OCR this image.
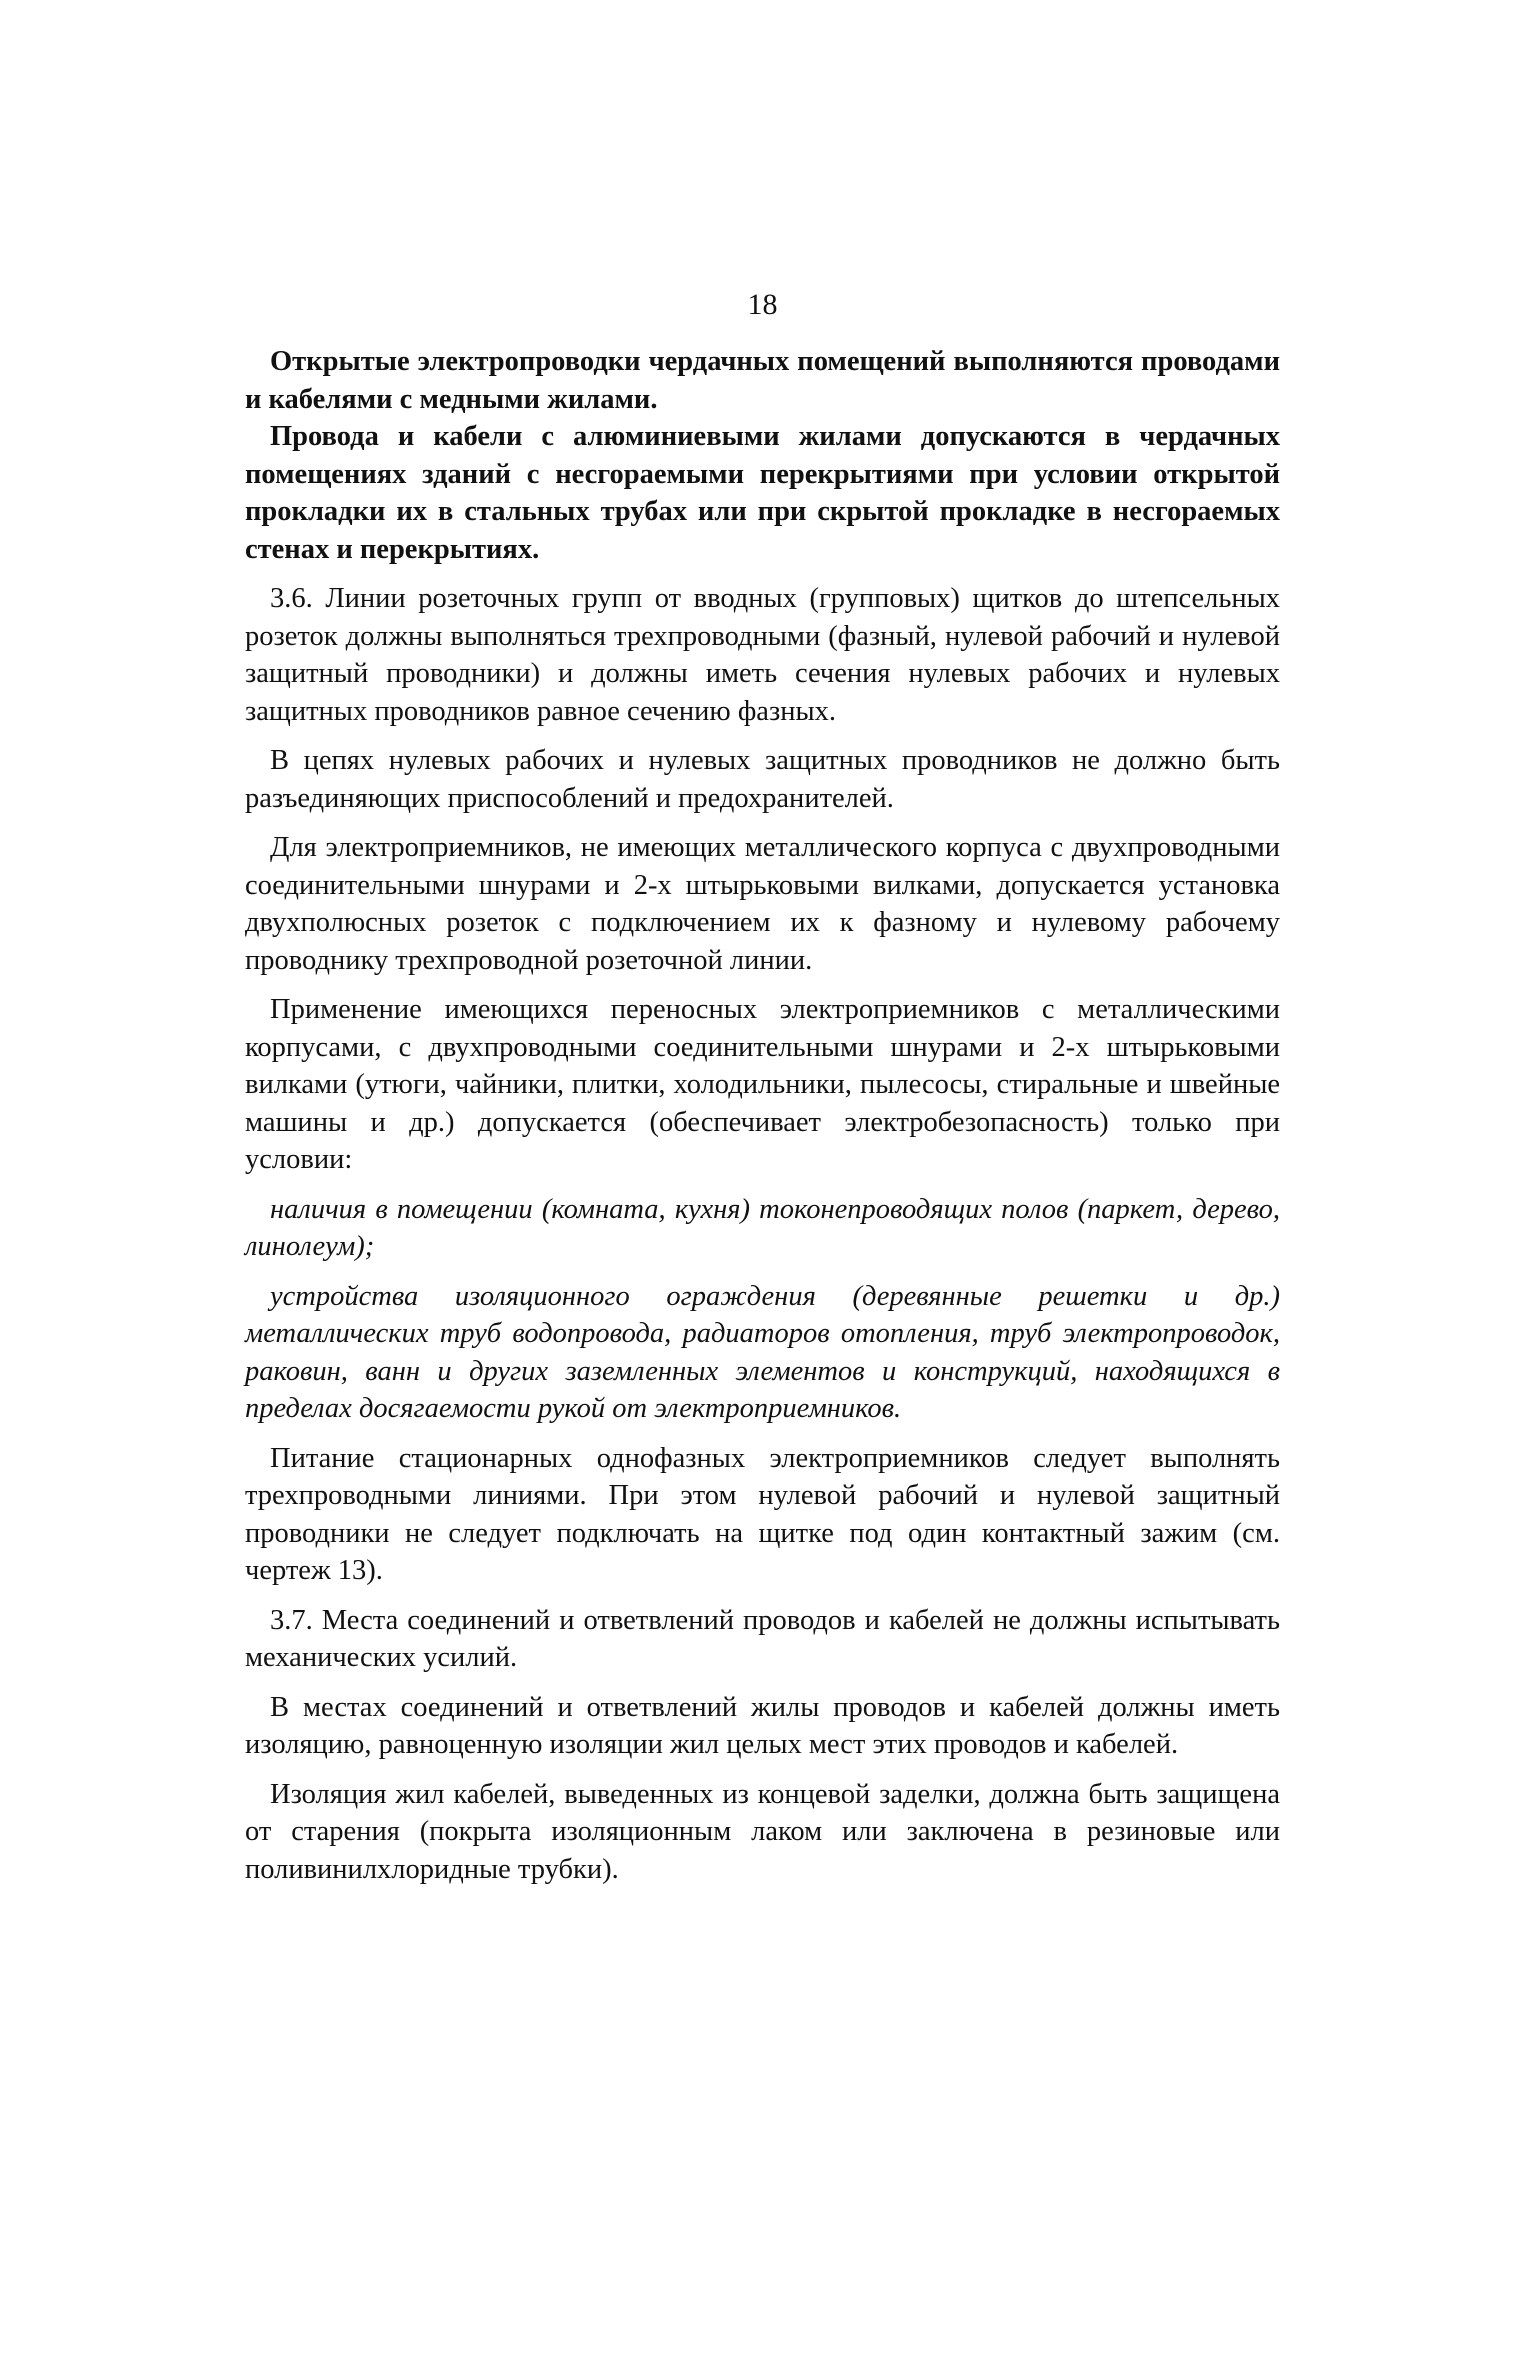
18

Открытые электропроводки чердачных помещений выполняются проводами и кабелями с медными жилами.

Провода и кабели с алюминиевыми жилами допускаются в чердачных помещениях зданий с несгораемыми перекрытиями при условии открытой прокладки их в стальных трубах или при скрытой прокладке в несгораемых стенах и перекрытиях.

3.6. Линии розеточных групп от вводных (групповых) щитков до штепсельных розеток должны выполняться трехпроводными (фазный, нулевой рабочий и нулевой защитный проводники) и должны иметь сечения нулевых рабочих и нулевых защитных проводников равное сечению фазных.

В цепях нулевых рабочих и нулевых защитных проводников не должно быть разъединяющих приспособлений и предохранителей.

Для электроприемников, не имеющих металлического корпуса с двухпроводными соединительными шнурами и 2-х штырьковыми вилками, допускается установка двухполюсных розеток с подключением их к фазному и нулевому рабочему проводнику трехпроводной розеточной линии.

Применение имеющихся переносных электроприемников с металлическими корпусами, с двухпроводными соединительными шнурами и 2-х штырьковыми вилками (утюги, чайники, плитки, холодильники, пылесосы, стиральные и швейные машины и др.) допускается (обеспечивает электробезопасность) только при условии:

наличия в помещении (комната, кухня) токонепроводящих полов (паркет, дерево, линолеум);

устройства изоляционного ограждения (деревянные решетки и др.) металлических труб водопровода, радиаторов отопления, труб электропроводок, раковин, ванн и других заземленных элементов и конструкций, находящихся в пределах досягаемости рукой от электроприемников.

Питание стационарных однофазных электроприемников следует выполнять трехпроводными линиями. При этом нулевой рабочий и нулевой защитный проводники не следует подключать на щитке под один контактный зажим (см. чертеж 13).

3.7. Места соединений и ответвлений проводов и кабелей не должны испытывать механических усилий.

В местах соединений и ответвлений жилы проводов и кабелей должны иметь изоляцию, равноценную изоляции жил целых мест этих проводов и кабелей.

Изоляция жил кабелей, выведенных из концевой заделки, должна быть защищена от старения (покрыта изоляционным лаком или заключена в резиновые или поливинилхлоридные трубки).
